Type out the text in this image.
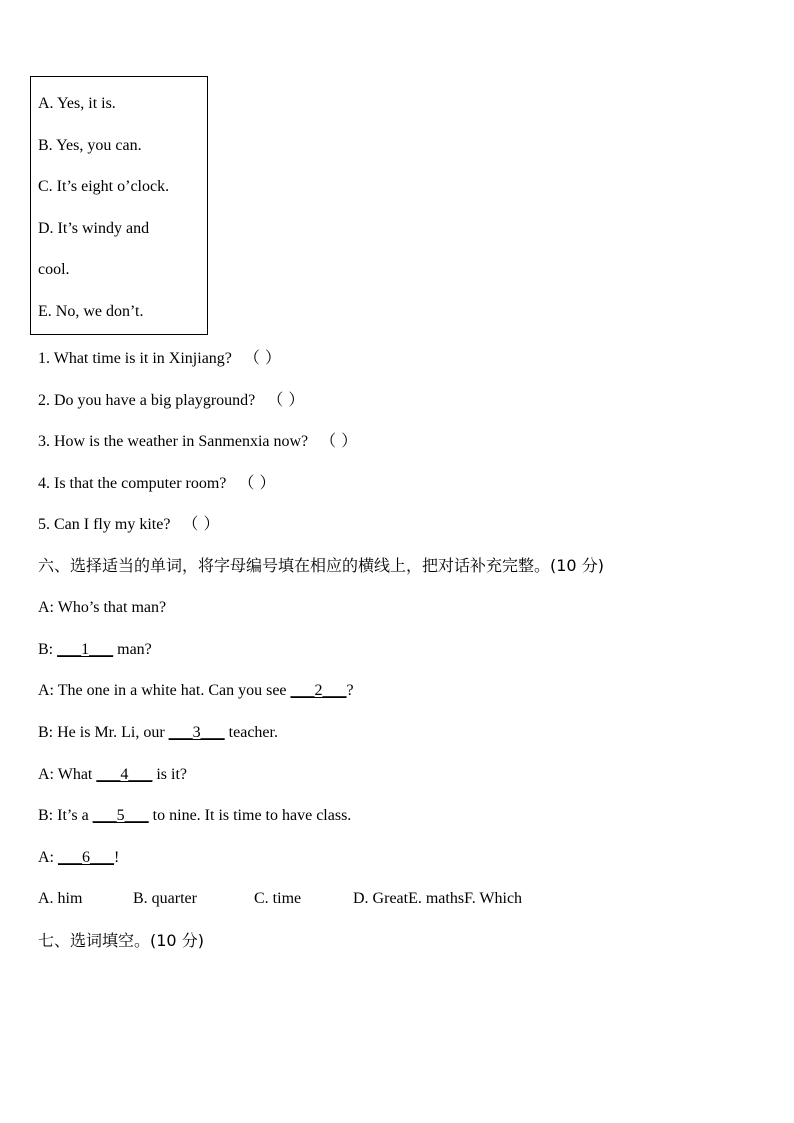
A. Yes, it is.
B. Yes, you can.
C. It’s eight o’clock.
D. It’s windy and
cool.
E. No, we don’t.
1. What time is it in Xinjiang? （ ）
2. Do you have a big playground? （ ）
3. How is the weather in Sanmenxia now? （ ）
4. Is that the computer room? （ ）
5. Can I fly my kite? （ ）
六、选择适当的单词，将字母编号填在相应的横线上，把对话补充完整。(10 分)
A: Who’s that man?
B: ___1___ man?
A: The one in a white hat. Can you see ___2___?
B: He is Mr. Li, our ___3___ teacher.
A: What ___4___ is it?
B: It’s a ___5___ to nine. It is time to have class.
A: ___6___!
A. him	B. quarter	C. time	D. GreatE. mathsF. Which
七、选词填空。(10 分)
